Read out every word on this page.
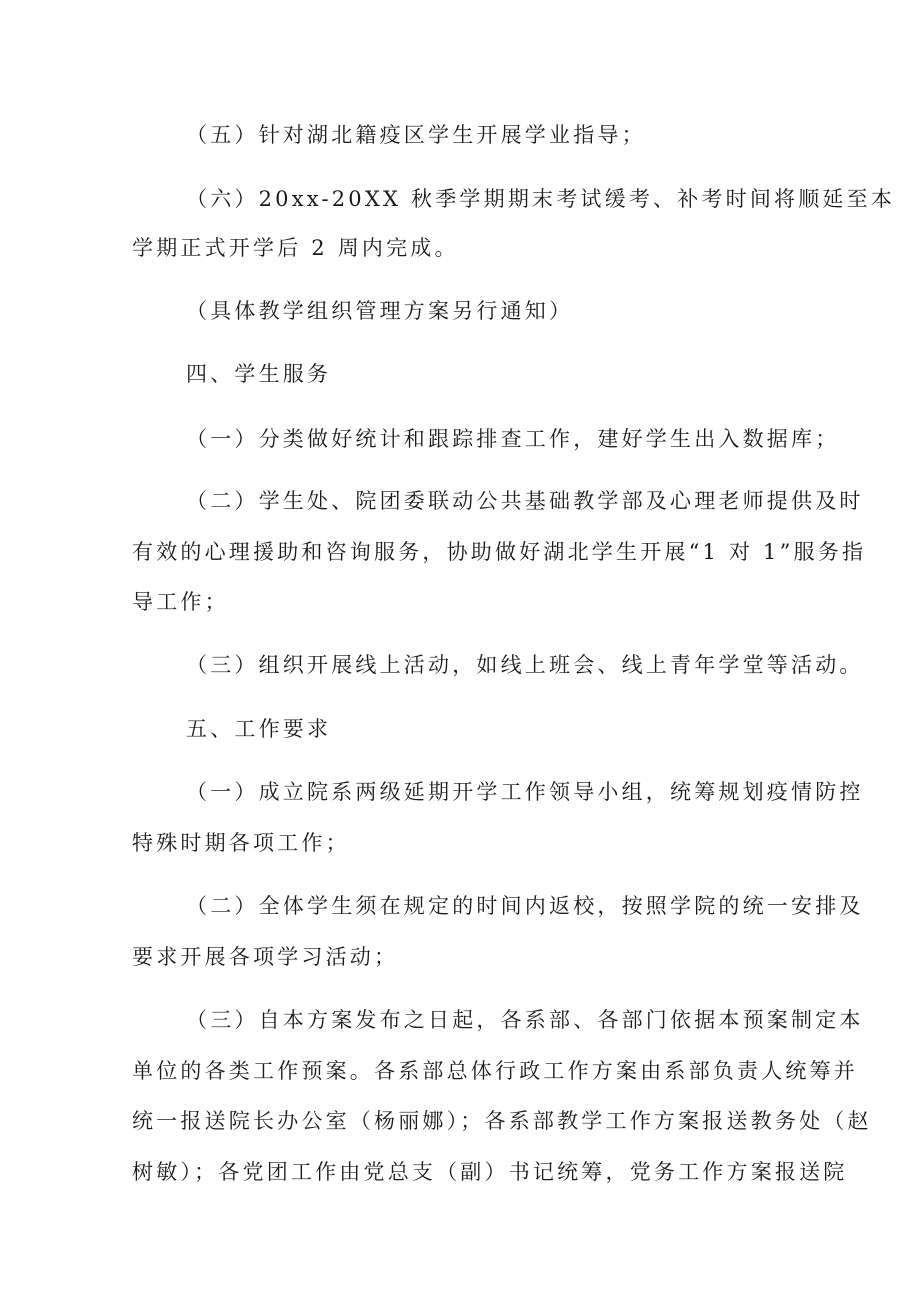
（五）针对湖北籍疫区学生开展学业指导；
（六）20xx-20XX 秋季学期期末考试缓考、补考时间将顺延至本
学期正式开学后 2 周内完成。
（具体教学组织管理方案另行通知）
四、学生服务
（一）分类做好统计和跟踪排查工作，建好学生出入数据库；
（二）学生处、院团委联动公共基础教学部及心理老师提供及时
有效的心理援助和咨询服务，协助做好湖北学生开展“1 对 1”服务指
导工作；
（三）组织开展线上活动，如线上班会、线上青年学堂等活动。
五、工作要求
（一）成立院系两级延期开学工作领导小组，统筹规划疫情防控
特殊时期各项工作；
（二）全体学生须在规定的时间内返校，按照学院的统一安排及
要求开展各项学习活动；
（三）自本方案发布之日起，各系部、各部门依据本预案制定本
单位的各类工作预案。各系部总体行政工作方案由系部负责人统筹并
统一报送院长办公室（杨丽娜）；各系部教学工作方案报送教务处（赵
树敏）；各党团工作由党总支（副）书记统筹，党务工作方案报送院
